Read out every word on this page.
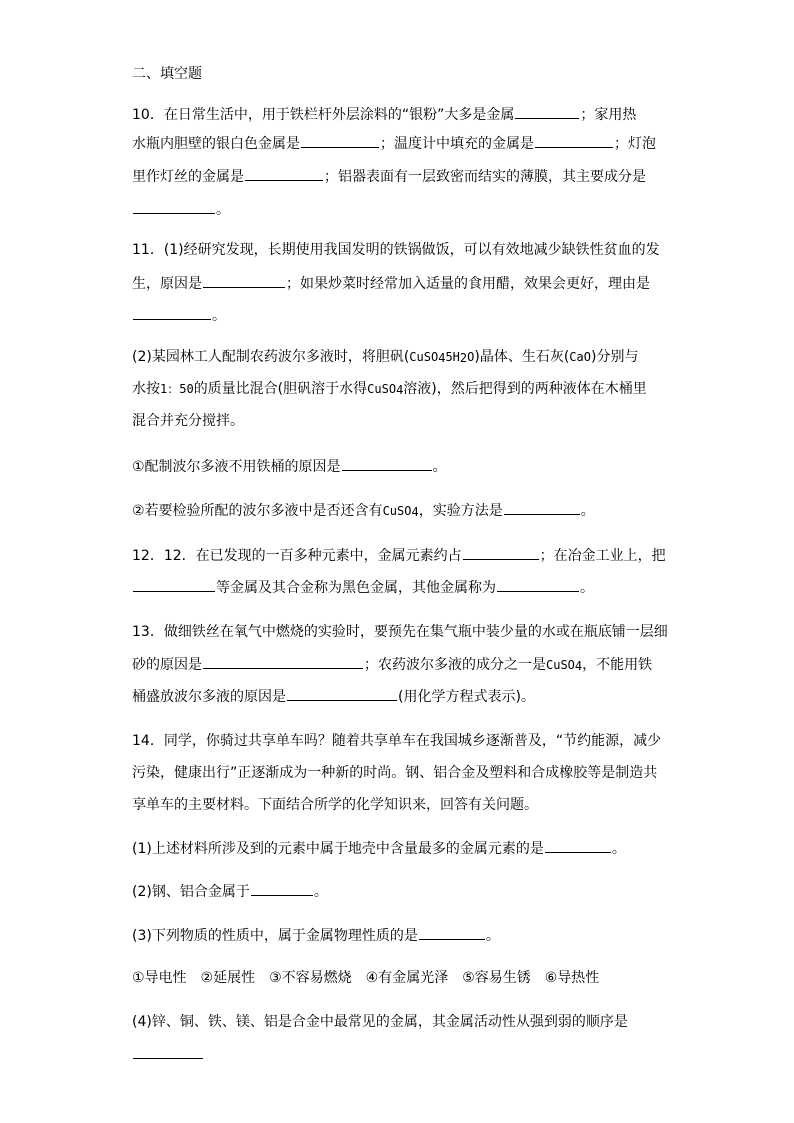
二、填空题
10．在日常生活中，用于铁栏杆外层涂料的“银粉”大多是金属	；家用热
水瓶内胆壁的银白色金属是	；温度计中填充的金属是	；灯泡
里作灯丝的金属是	；铝器表面有一层致密而结实的薄膜，其主要成分是
。
11．(1)经研究发现，长期使用我国发明的铁锅做饭，可以有效地减少缺铁性贫血的发
生，原因是	；如果炒菜时经常加入适量的食用醋，效果会更好，理由是
。
(2)某园林工人配制农药波尔多液时，将胆矾(CuSO45H2O)晶体、生石灰(CaO)分别与
水按1：50的质量比混合(胆矾溶于水得CuSO4溶液)，然后把得到的两种液体在木桶里
混合并充分搅拌。
①配制波尔多液不用铁桶的原因是	。
②若要检验所配的波尔多液中是否还含有CuSO4，实验方法是	。
12．12．在已发现的一百多种元素中，金属元素约占	；在冶金工业上，把
等金属及其合金称为黑色金属，其他金属称为	。
13．做细铁丝在氧气中燃烧的实验时，要预先在集气瓶中装少量的水或在瓶底铺一层细
砂的原因是	；农药波尔多液的成分之一是CuSO4，不能用铁
桶盛放波尔多液的原因是	(用化学方程式表示)。
14．同学，你骑过共享单车吗？随着共享单车在我国城乡逐渐普及，“节约能源，减少
污染，健康出行”正逐渐成为一种新的时尚。钢、铝合金及塑料和合成橡胶等是制造共
享单车的主要材料。下面结合所学的化学知识来，回答有关问题。
(1)上述材料所涉及到的元素中属于地壳中含量最多的金属元素的是	。
(2)钢、铝合金属于	。
(3)下列物质的性质中，属于金属物理性质的是	。
①导电性　②延展性　③不容易燃烧　④有金属光泽　⑤容易生锈　⑥导热性
(4)锌、铜、铁、镁、铝是合金中最常见的金属，其金属活动性从强到弱的顺序是
